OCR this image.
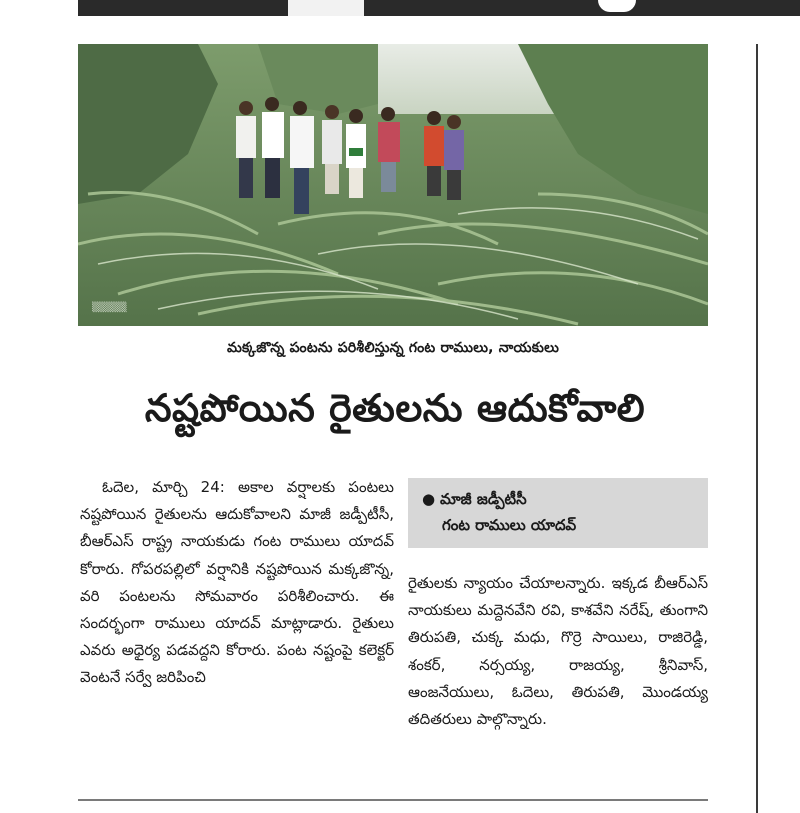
▒▒▒▒▒
మక్కజొన్న పంటను పరిశీలిస్తున్న గంట రాములు, నాయకులు
నష్టపోయిన రైతులను ఆదుకోవాలి

ఓదెల, మార్చి 24: అకాల వర్షాలకు పంటలు నష్టపోయిన రైతులను ఆదుకోవాలని మాజీ జడ్పీటీసీ, బీఆర్ఎస్ రాష్ట్ర నాయకుడు గంట రాములు యాదవ్ కోరారు. గోపరపల్లిలో వర్షానికి నష్టపోయిన మక్కజొన్న, వరి పంటలను సోమవారం పరిశీలించారు. ఈ సందర్భంగా రాములు యాదవ్ మాట్లాడారు. రైతులు ఎవరు అధైర్య పడవద్దని కోరారు. పంట నష్టంపై కలెక్టర్ వెంటనే సర్వే జరిపించి

● మాజీ జడ్పీటీసీ
గంట రాములు యాదవ్

రైతులకు న్యాయం చేయాలన్నారు. ఇక్కడ బీఆర్ఎస్ నాయకులు మద్దెనవేని రవి, కాశవేని నరేష్, తుంగాని తిరుపతి, చుక్క మధు, గొర్రె సాయిలు, రాజిరెడ్డి, శంకర్, నర్సయ్య, రాజయ్య, శ్రీనివాస్, ఆంజనేయులు, ఓదెలు, తిరుపతి, మొండయ్య తదితరులు పాల్గొన్నారు.
